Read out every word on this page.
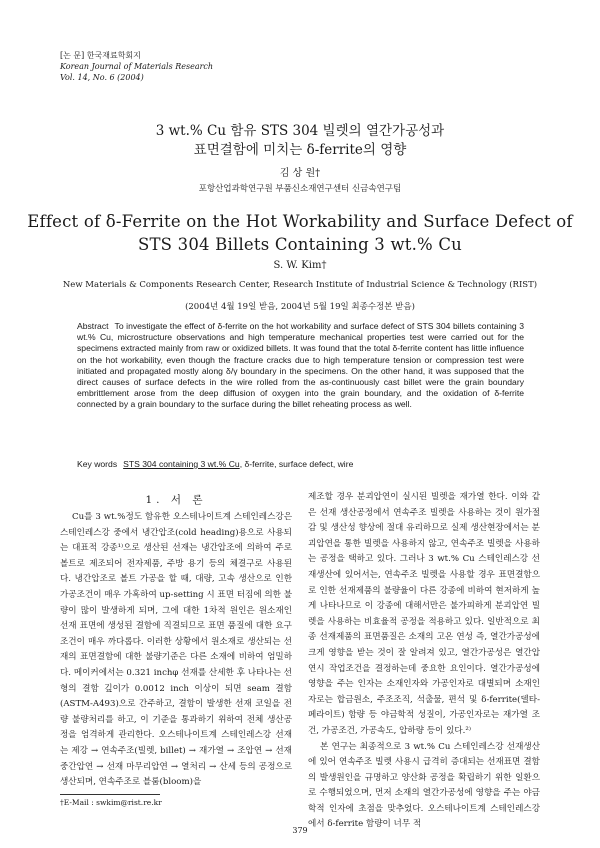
[논 문] 한국재료학회지
Korean Journal of Materials Research
Vol. 14, No. 6 (2004)
3 wt.% Cu 함유 STS 304 빌렛의 열간가공성과
표면결함에 미치는 δ-ferrite의 영향
김 상 원†
포항산업과학연구원 부품신소재연구센터 신금속연구팀
Effect of δ-Ferrite on the Hot Workability and Surface Defect of
STS 304 Billets Containing 3 wt.% Cu
S. W. Kim†
New Materials & Components Research Center, Research Institute of Industrial Science & Technology (RIST)
(2004년 4월 19일 받음, 2004년 5월 19일 최종수정본 받음)
Abstract To investigate the effect of δ-ferrite on the hot workability and surface defect of STS 304 billets containing 3 wt.% Cu, microstructure observations and high temperature mechanical properties test were carried out for the specimens extracted mainly from raw or oxidized billets. It was found that the total δ-ferrite content has little influence on the hot workability, even though the fracture cracks due to high temperature tension or compression test were initiated and propagated mostly along δ/γ boundary in the specimens. On the other hand, it was supposed that the direct causes of surface defects in the wire rolled from the as-continuously cast billet were the grain boundary embrittlement arose from the deep diffusion of oxygen into the grain boundary, and the oxidation of δ-ferrite connected by a grain boundary to the surface during the billet reheating process as well.
Key words STS 304 containing 3 wt.% Cu, δ-ferrite, surface defect, wire
1. 서 론

Cu를 3 wt.%정도 함유한 오스테나이트계 스테인레스강은 스테인레스강 중에서 냉간압조(cold heading)용으로 사용되는 대표적 강종¹⁾으로 생산된 선재는 냉간압조에 의하여 주로 볼트로 제조되어 전자제품, 주방 용기 등의 체결구로 사용된다. 냉간압조로 볼트 가공을 할 때, 대량, 고속 생산으로 인한 가공조건이 매우 가혹하여 up-setting 시 표면 터짐에 의한 불량이 많이 발생하게 되며, 그에 대한 1차적 원인은 원소재인 선재 표면에 생성된 결함에 직결되므로 표면 품질에 대한 요구조건이 매우 까다롭다. 이러한 상황에서 원소재로 생산되는 선재의 표면결함에 대한 불량기준은 다른 소재에 비하여 엄밀하다. 메이커에서는 0.321 inchφ 선재를 산세한 후 나타나는 선형의 결함 깊이가 0.0012 inch 이상이 되면 seam 결함(ASTM-A493)으로 간주하고, 결함이 발생한 선재 코일을 전량 불량처리를 하고, 이 기준을 통과하기 위하여 전체 생산공정을 엄격하게 관리한다. 오스테나이트계 스테인레스강 선재는 제강 → 연속주조(빌렛, billet) → 재가열 → 조압연 → 선재 중간압연 → 선재 마무리압연 → 열처리 → 산세 등의 공정으로 생산되며, 연속주조로 블룸(bloom)을

제조할 경우 분괴압연이 실시된 빌렛을 재가열 한다. 이와 같은 선재 생산공정에서 연속주조 빌렛을 사용하는 것이 원가절감 및 생산성 향상에 절대 유리하므로 실제 생산현장에서는 분괴압연을 통한 빌렛을 사용하지 않고, 연속주조 빌렛을 사용하는 공정을 택하고 있다. 그러나 3 wt.% Cu 스테인레스강 선재생산에 있어서는, 연속주조 빌렛을 사용할 경우 표면결함으로 인한 선재제품의 불량율이 다른 강종에 비하여 현저하게 높게 나타나므로 이 강종에 대해서만은 불가피하게 분괴압연 빌렛을 사용하는 비효율적 공정을 적용하고 있다. 일반적으로 최종 선재제품의 표면품질은 소재의 고온 연성 즉, 열간가공성에 크게 영향을 받는 것이 잘 알려져 있고, 열간가공성은 열간압연시 작업조건을 결정하는데 중요한 요인이다. 열간가공성에 영향을 주는 인자는 소재인자와 가공인자로 대별되며 소재인자로는 합금원소, 주조조직, 석출물, 편석 및 δ-ferrite(델타-페라이트) 함량 등 야금학적 성질이, 가공인자로는 재가열 조건, 가공조건, 가공속도, 압하량 등이 있다.²⁾

본 연구는 최종적으로 3 wt.% Cu 스테인레스강 선재생산에 있어 연속주조 빌렛 사용시 급격히 증대되는 선재표면 결함의 발생원인을 규명하고 양산화 공정을 확립하기 위한 일환으로 수행되었으며, 먼저 소재의 열간가공성에 영향을 주는 야금학적 인자에 초점을 맞추었다. 오스테나이트계 스테인레스강에서 δ-ferrite 함량이 너무 적

†E-Mail : swkim@rist.re.kr
379
